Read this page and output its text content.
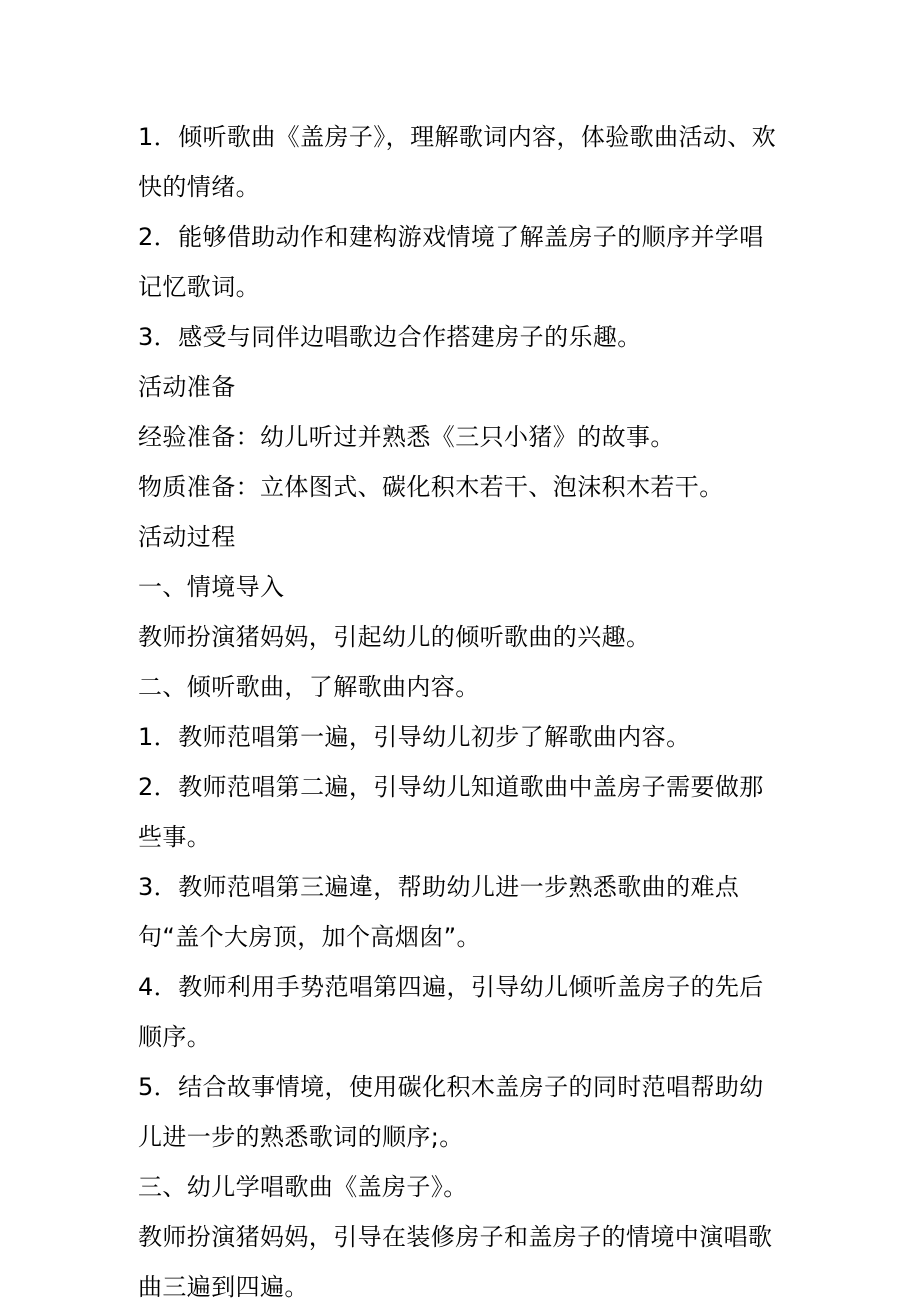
1．倾听歌曲《盖房子》，理解歌词内容，体验歌曲活动、欢快的情绪。

2．能够借助动作和建构游戏情境了解盖房子的顺序并学唱记忆歌词。

3．感受与同伴边唱歌边合作搭建房子的乐趣。

活动准备

经验准备：幼儿听过并熟悉《三只小猪》的故事。

物质准备：立体图式、碳化积木若干、泡沫积木若干。

活动过程

一、情境导入

教师扮演猪妈妈，引起幼儿的倾听歌曲的兴趣。

二、倾听歌曲，了解歌曲内容。

1．教师范唱第一遍，引导幼儿初步了解歌曲内容。

2．教师范唱第二遍，引导幼儿知道歌曲中盖房子需要做那些事。

3．教师范唱第三遍違，帮助幼儿进一步熟悉歌曲的难点句“盖个大房顶，加个高烟囱”。

4．教师利用手势范唱第四遍，引导幼儿倾听盖房子的先后顺序。

5．结合故事情境，使用碳化积木盖房子的同时范唱帮助幼儿进一步的熟悉歌词的顺序;。

三、幼儿学唱歌曲《盖房子》。

教师扮演猪妈妈，引导在装修房子和盖房子的情境中演唱歌曲三遍到四遍。
